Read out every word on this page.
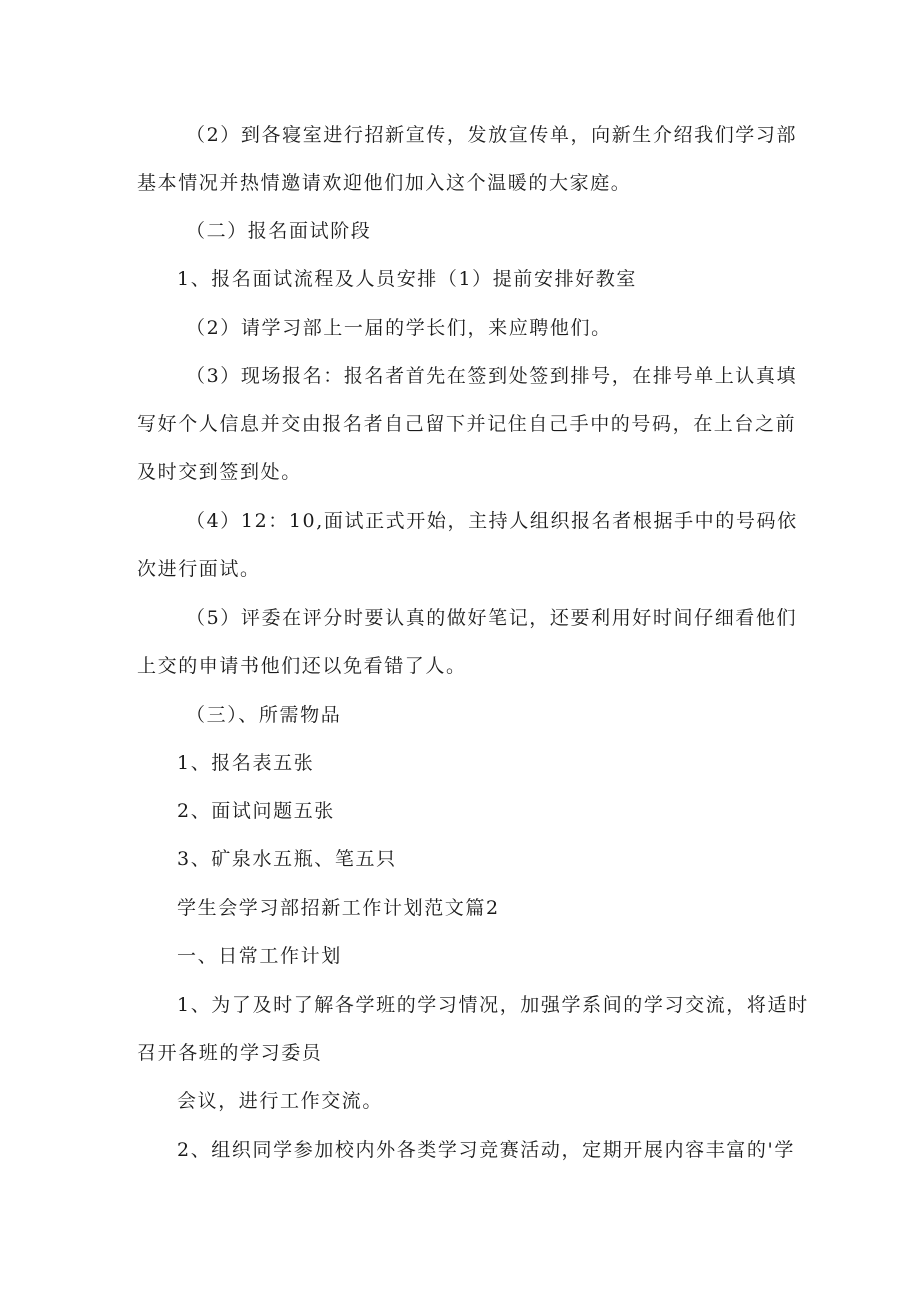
（2）到各寝室进行招新宣传，发放宣传单，向新生介绍我们学习部
基本情况并热情邀请欢迎他们加入这个温暖的大家庭。
（二）报名面试阶段
1、报名面试流程及人员安排（1）提前安排好教室
（2）请学习部上一届的学长们，来应聘他们。
（3）现场报名：报名者首先在签到处签到排号，在排号单上认真填
写好个人信息并交由报名者自己留下并记住自己手中的号码，在上台之前
及时交到签到处。
（4）12：10,面试正式开始，主持人组织报名者根据手中的号码依
次进行面试。
（5）评委在评分时要认真的做好笔记，还要利用好时间仔细看他们
上交的申请书他们还以免看错了人。
（三）、所需物品
1、报名表五张
2、面试问题五张
3、矿泉水五瓶、笔五只
学生会学习部招新工作计划范文篇2
一、日常工作计划
1、为了及时了解各学班的学习情况，加强学系间的学习交流，将适时
召开各班的学习委员
会议，进行工作交流。
2、组织同学参加校内外各类学习竞赛活动，定期开展内容丰富的'学
